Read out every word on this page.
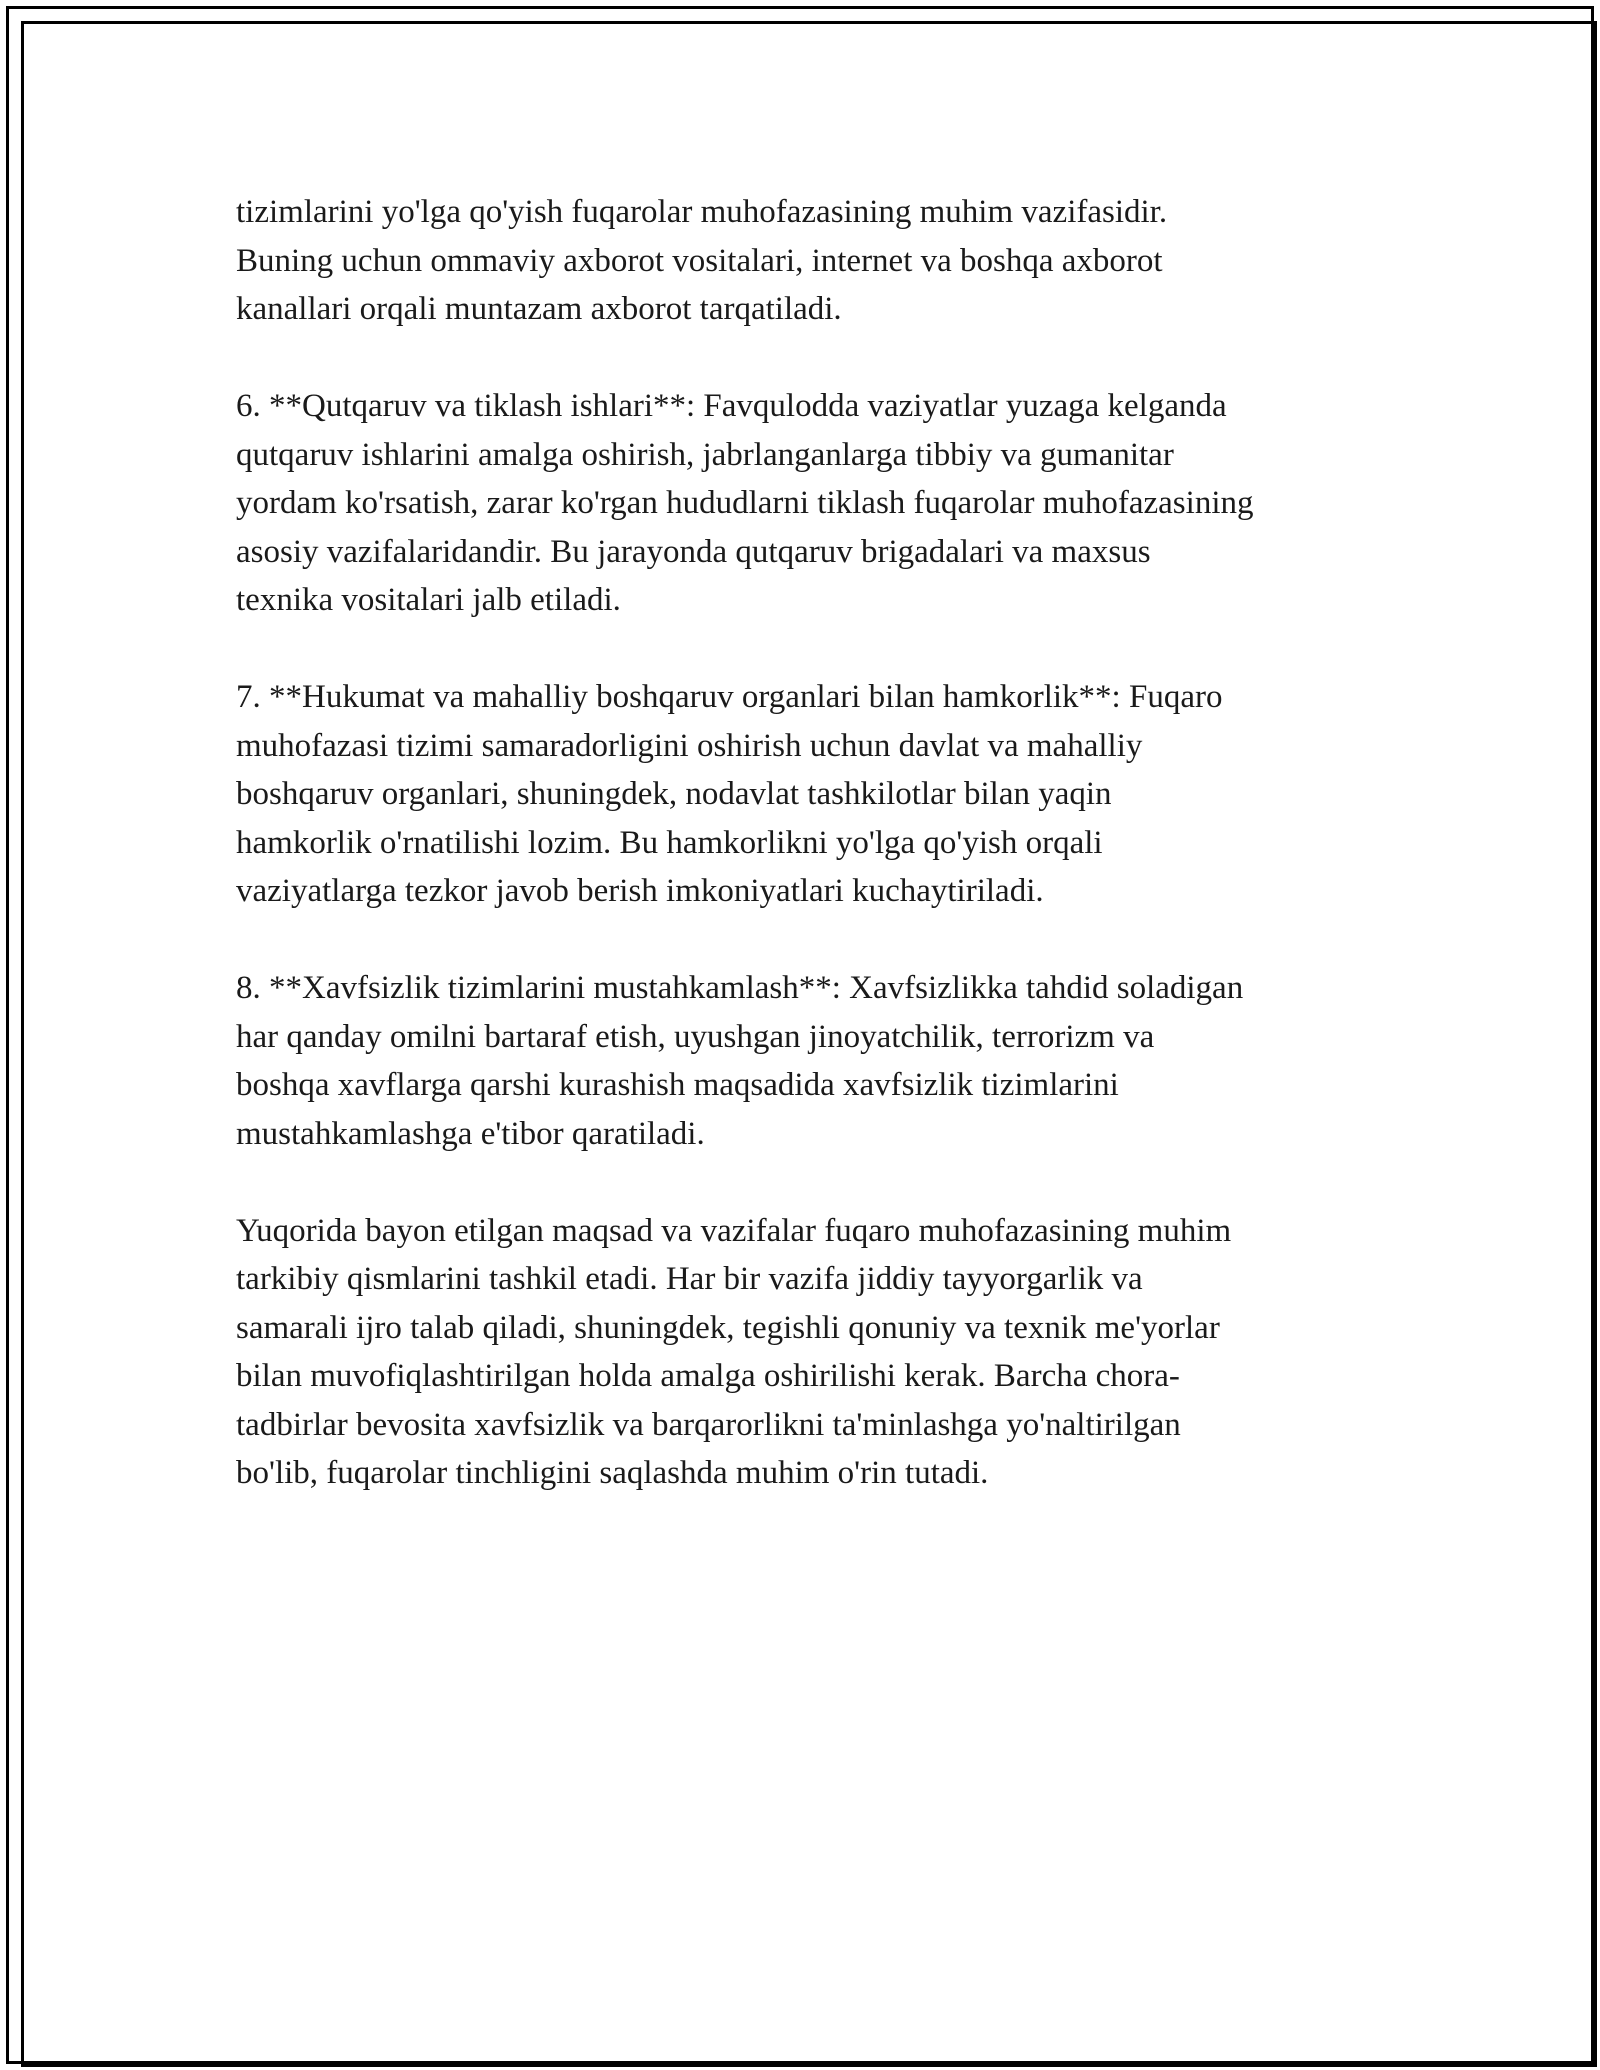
tizimlarini yo'lga qo'yish fuqarolar muhofazasining muhim vazifasidir.
Buning uchun ommaviy axborot vositalari, internet va boshqa axborot
kanallari orqali muntazam axborot tarqatiladi.

6. **Qutqaruv va tiklash ishlari**: Favqulodda vaziyatlar yuzaga kelganda
qutqaruv ishlarini amalga oshirish, jabrlanganlarga tibbiy va gumanitar
yordam ko'rsatish, zarar ko'rgan hududlarni tiklash fuqarolar muhofazasining
asosiy vazifalaridandir. Bu jarayonda qutqaruv brigadalari va maxsus
texnika vositalari jalb etiladi.

7. **Hukumat va mahalliy boshqaruv organlari bilan hamkorlik**: Fuqaro
muhofazasi tizimi samaradorligini oshirish uchun davlat va mahalliy
boshqaruv organlari, shuningdek, nodavlat tashkilotlar bilan yaqin
hamkorlik o'rnatilishi lozim. Bu hamkorlikni yo'lga qo'yish orqali
vaziyatlarga tezkor javob berish imkoniyatlari kuchaytiriladi.

8. **Xavfsizlik tizimlarini mustahkamlash**: Xavfsizlikka tahdid soladigan
har qanday omilni bartaraf etish, uyushgan jinoyatchilik, terrorizm va
boshqa xavflarga qarshi kurashish maqsadida xavfsizlik tizimlarini
mustahkamlashga e'tibor qaratiladi.

Yuqorida bayon etilgan maqsad va vazifalar fuqaro muhofazasining muhim
tarkibiy qismlarini tashkil etadi. Har bir vazifa jiddiy tayyorgarlik va
samarali ijro talab qiladi, shuningdek, tegishli qonuniy va texnik me'yorlar
bilan muvofiqlashtirilgan holda amalga oshirilishi kerak. Barcha chora-
tadbirlar bevosita xavfsizlik va barqarorlikni ta'minlashga yo'naltirilgan
bo'lib, fuqarolar tinchligini saqlashda muhim o'rin tutadi.
